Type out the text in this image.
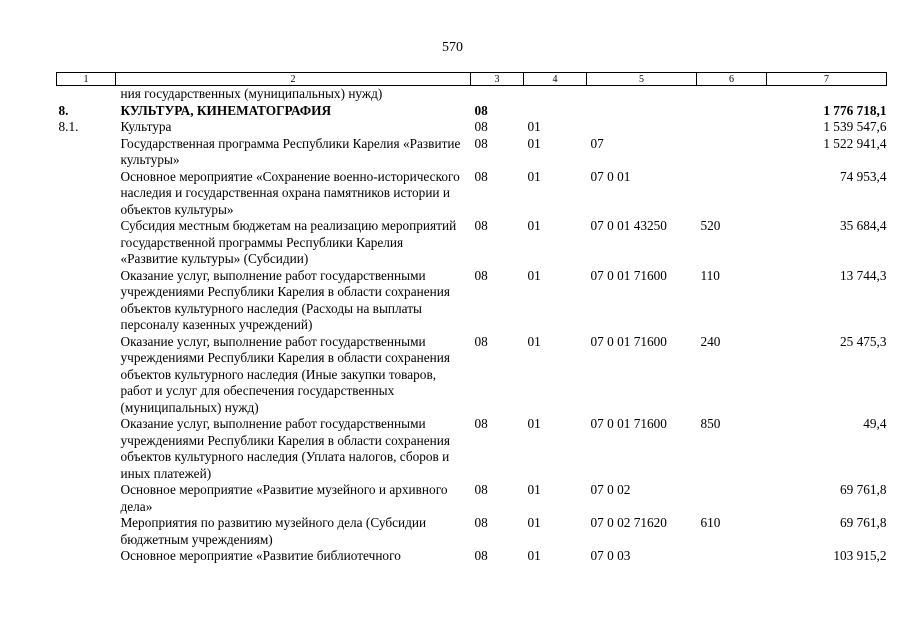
570
1	2	3	4	5	6	7
	ния государственных (муниципальных) нужд)					
8.	КУЛЬТУРА, КИНЕМАТОГРАФИЯ	08				1 776 718,1
8.1.	Культура	08	01			1 539 547,6
	Государственная программа Республики Карелия «Развитие культуры»	08	01	07		1 522 941,4
	Основное мероприятие «Сохранение военно-исторического наследия и государственная охрана памятников истории и объектов культуры»	08	01	07 0 01		74 953,4
	Субсидия местным бюджетам на реализацию мероприятий государственной программы Республики Карелия «Развитие культуры» (Субсидии)	08	01	07 0 01 43250	520	35 684,4
	Оказание услуг, выполнение работ государственными учреждениями Республики Карелия в области сохранения объектов культурного наследия (Расходы на выплаты персоналу казенных учреждений)	08	01	07 0 01 71600	110	13 744,3
	Оказание услуг, выполнение работ государственными учреждениями Республики Карелия в области сохранения объектов культурного наследия (Иные закупки товаров, работ и услуг для обеспечения государственных (муниципальных) нужд)	08	01	07 0 01 71600	240	25 475,3
	Оказание услуг, выполнение работ государственными учреждениями Республики Карелия в области сохранения объектов культурного наследия (Уплата налогов, сборов и иных платежей)	08	01	07 0 01 71600	850	49,4
	Основное мероприятие «Развитие музейного и архивного дела»	08	01	07 0 02		69 761,8
	Мероприятия по развитию музейного дела (Субсидии бюджетным учреждениям)	08	01	07 0 02 71620	610	69 761,8
	Основное мероприятие «Развитие библиотечного	08	01	07 0 03		103 915,2
